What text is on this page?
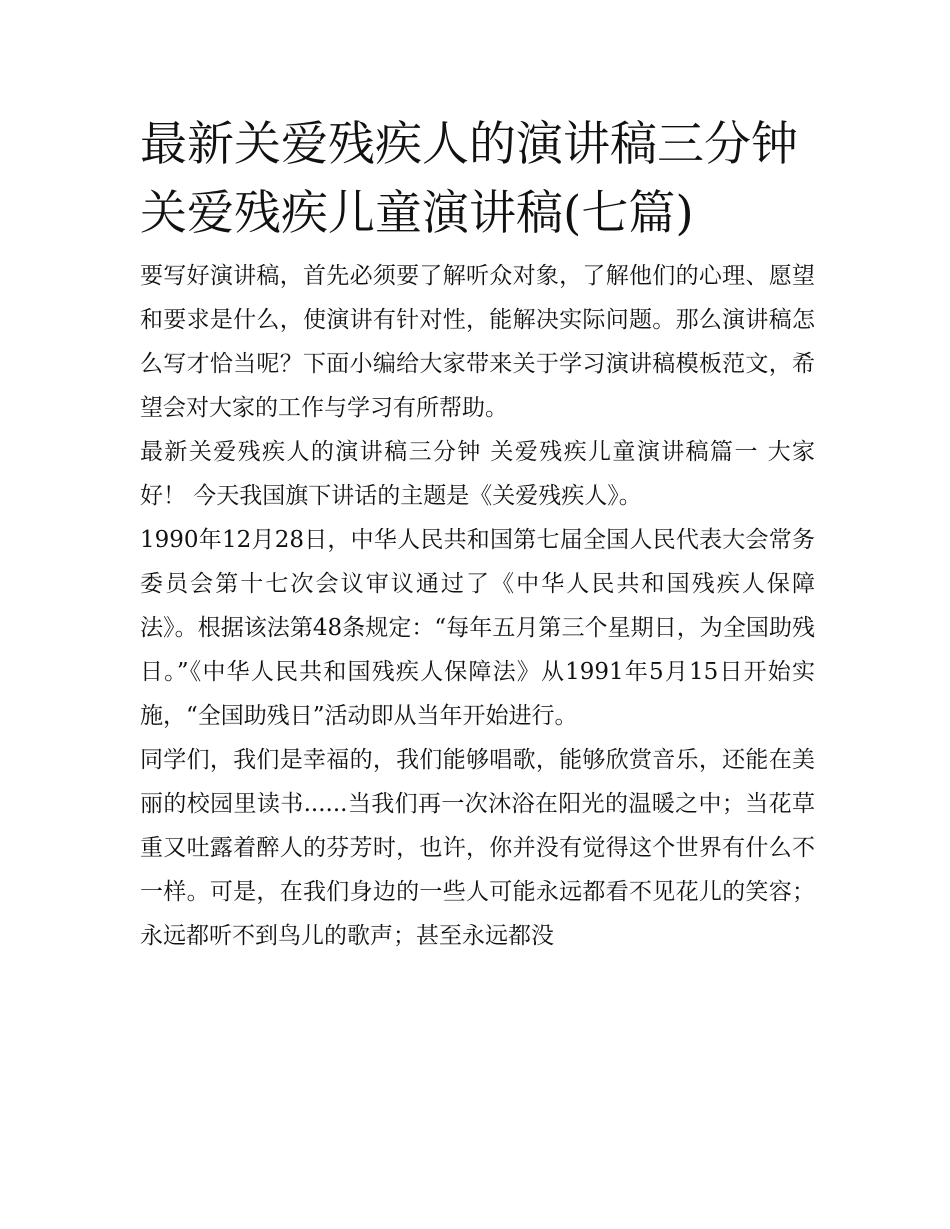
最新关爱残疾人的演讲稿三分钟 关爱残疾儿童演讲稿(七篇)

要写好演讲稿，首先必须要了解听众对象，了解他们的心理、愿望和要求是什么，使演讲有针对性，能解决实际问题。那么演讲稿怎么写才恰当呢？下面小编给大家带来关于学习演讲稿模板范文，希望会对大家的工作与学习有所帮助。

最新关爱残疾人的演讲稿三分钟 关爱残疾儿童演讲稿篇一 大家好！ 今天我国旗下讲话的主题是《关爱残疾人》。

1990年12月28日，中华人民共和国第七届全国人民代表大会常务委员会第十七次会议审议通过了《中华人民共和国残疾人保障法》。根据该法第48条规定：“每年五月第三个星期日，为全国助残日。”《中华人民共和国残疾人保障法》从1991年5月15日开始实施，“全国助残日”活动即从当年开始进行。

同学们，我们是幸福的，我们能够唱歌，能够欣赏音乐，还能在美丽的校园里读书......当我们再一次沐浴在阳光的温暖之中；当花草重又吐露着醉人的芬芳时，也许，你并没有觉得这个世界有什么不一样。可是，在我们身边的一些人可能永远都看不见花儿的笑容；永远都听不到鸟儿的歌声；甚至永远都没
